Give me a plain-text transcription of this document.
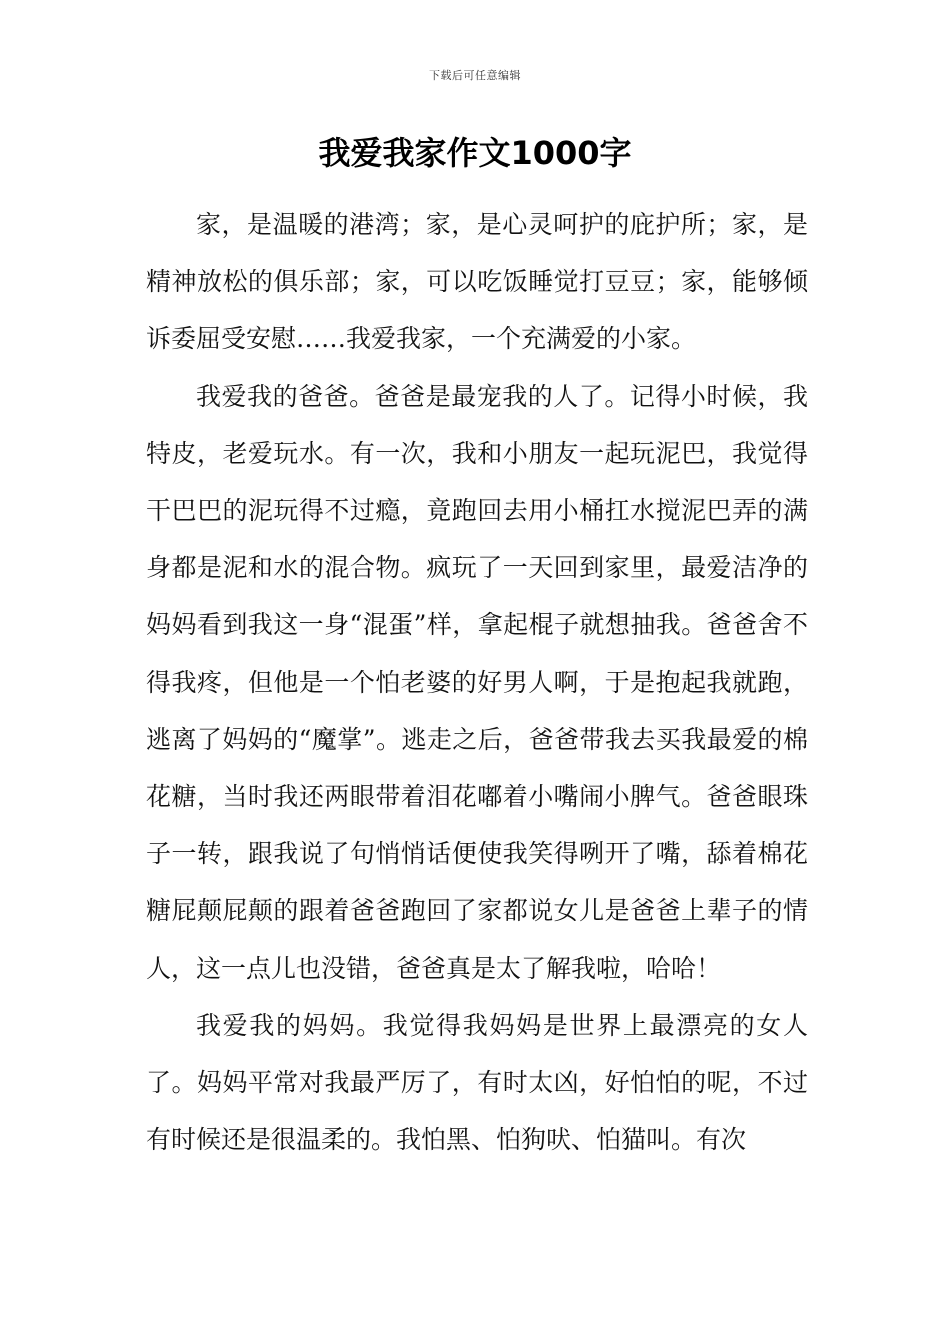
下载后可任意编辑
我爱我家作文1000字

家，是温暖的港湾；家，是心灵呵护的庇护所；家，是精神放松的俱乐部；家，可以吃饭睡觉打豆豆；家，能够倾诉委屈受安慰……我爱我家，一个充满爱的小家。

我爱我的爸爸。爸爸是最宠我的人了。记得小时候，我特皮，老爱玩水。有一次，我和小朋友一起玩泥巴，我觉得干巴巴的泥玩得不过瘾，竟跑回去用小桶扛水搅泥巴弄的满身都是泥和水的混合物。疯玩了一天回到家里，最爱洁净的妈妈看到我这一身“混蛋”样，拿起棍子就想抽我。爸爸舍不得我疼，但他是一个怕老婆的好男人啊，于是抱起我就跑，逃离了妈妈的“魔掌”。逃走之后，爸爸带我去买我最爱的棉花糖，当时我还两眼带着泪花嘟着小嘴闹小脾气。爸爸眼珠子一转，跟我说了句悄悄话便使我笑得咧开了嘴，舔着棉花糖屁颠屁颠的跟着爸爸跑回了家都说女儿是爸爸上辈子的情人，这一点儿也没错，爸爸真是太了解我啦，哈哈！

我爱我的妈妈。我觉得我妈妈是世界上最漂亮的女人了。妈妈平常对我最严厉了，有时太凶，好怕怕的呢，不过有时候还是很温柔的。我怕黑、怕狗吠、怕猫叫。有次
